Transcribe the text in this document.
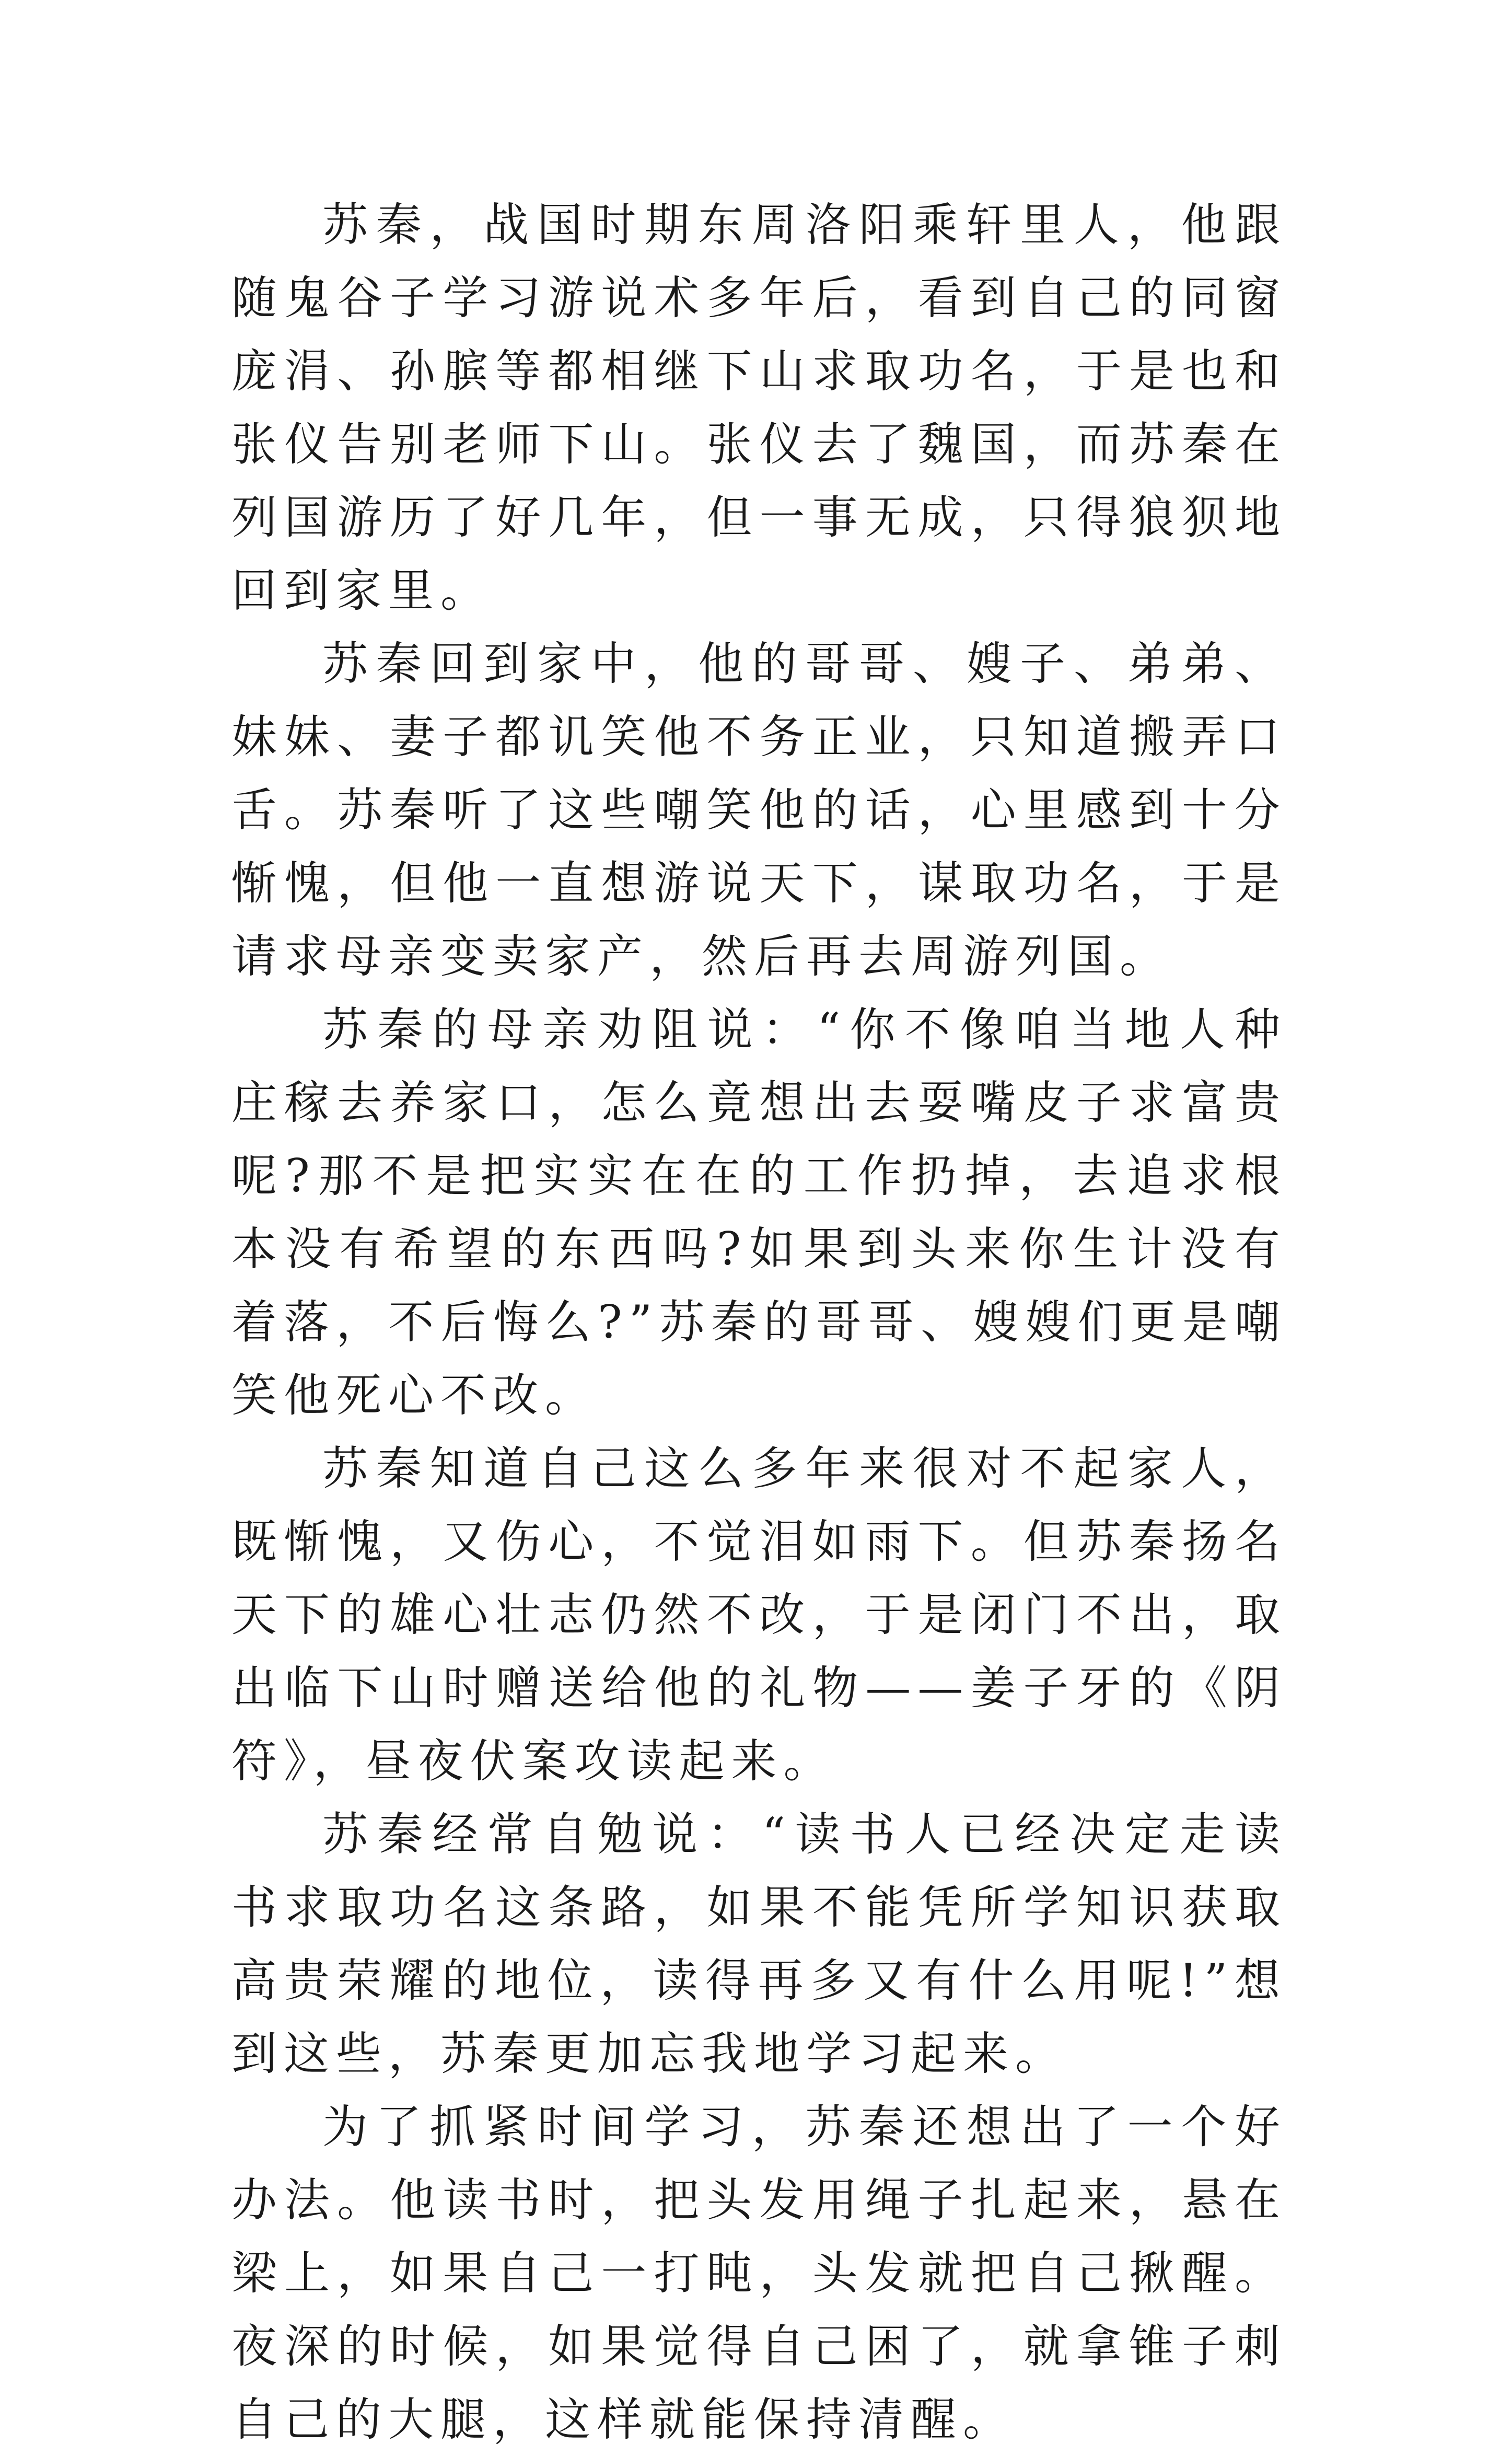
苏秦，战国时期东周洛阳乘轩里人，他跟随鬼谷子学习游说术多年后，看到自己的同窗庞涓、孙膑等都相继下山求取功名，于是也和张仪告别老师下山。张仪去了魏国，而苏秦在列国游历了好几年，但一事无成，只得狼狈地回到家里。

苏秦回到家中，他的哥哥、嫂子、弟弟、妹妹、妻子都讥笑他不务正业，只知道搬弄口舌。苏秦听了这些嘲笑他的话，心里感到十分惭愧，但他一直想游说天下，谋取功名，于是请求母亲变卖家产，然后再去周游列国。

苏秦的母亲劝阻说：“你不像咱当地人种庄稼去养家口，怎么竟想出去耍嘴皮子求富贵呢?那不是把实实在在的工作扔掉，去追求根本没有希望的东西吗?如果到头来你生计没有着落，不后悔么?”苏秦的哥哥、嫂嫂们更是嘲笑他死心不改。

苏秦知道自己这么多年来很对不起家人，既惭愧，又伤心，不觉泪如雨下。但苏秦扬名天下的雄心壮志仍然不改，于是闭门不出，取出临下山时赠送给他的礼物——姜子牙的《阴符》，昼夜伏案攻读起来。

苏秦经常自勉说：“读书人已经决定走读书求取功名这条路，如果不能凭所学知识获取高贵荣耀的地位，读得再多又有什么用呢!”想到这些，苏秦更加忘我地学习起来。

为了抓紧时间学习，苏秦还想出了一个好办法。他读书时，把头发用绳子扎起来，悬在梁上，如果自己一打盹，头发就把自己揪醒。夜深的时候，如果觉得自己困了，就拿锥子刺自己的大腿，这样就能保持清醒。
